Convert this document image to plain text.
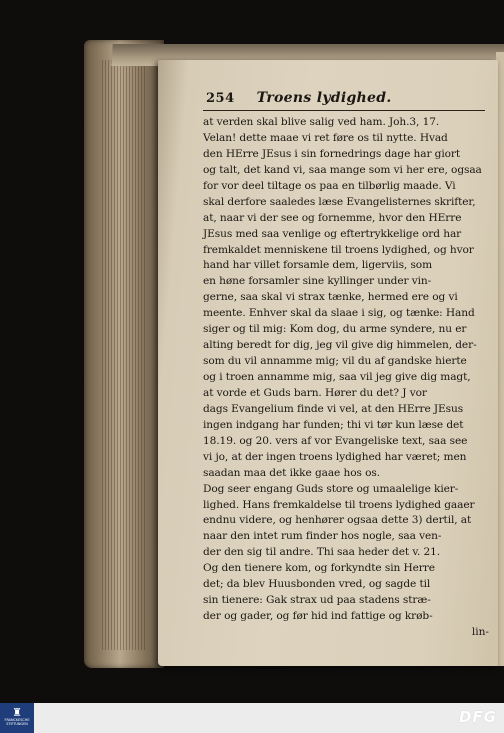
254 Troens lydighed.
at verden skal blive salig ved ham. Joh.3, 17.
Velan! dette maae vi ret føre os til nytte. Hvad
den HErre JEsus i sin fornedrings dage har giort
og talt, det kand vi, saa mange som vi her ere, ogsaa
for vor deel tiltage os paa en tilbørlig maade. Vi
skal derfore saaledes læse Evangelisternes skrifter,
at, naar vi der see og fornemme, hvor den HErre
JEsus med saa venlige og eftertrykkelige ord har
fremkaldet menniskene til troens lydighed, og hvor
hand har villet forsamle dem, ligerviis, som
en høne forsamler sine kyllinger under vin-
gerne, saa skal vi strax tænke, hermed ere og vi
meente. Enhver skal da slaae i sig, og tænke: Hand
siger og til mig: Kom dog, du arme syndere, nu er
alting beredt for dig, jeg vil give dig himmelen, der-
som du vil annamme mig; vil du af gandske hierte
og i troen annamme mig, saa vil jeg give dig magt,
at vorde et Guds barn. Hører du det? J vor
dags Evangelium finde vi vel, at den HErre JEsus
ingen indgang har funden; thi vi tør kun læse det
18.19. og 20. vers af vor Evangeliske text, saa see
vi jo, at der ingen troens lydighed har været; men
saadan maa det ikke gaae hos os.
Dog seer engang Guds store og umaalelige kier-
lighed. Hans fremkaldelse til troens lydighed gaaer
endnu videre, og henhører ogsaa dette 3) dertil, at
naar den intet rum finder hos nogle, saa ven-
der den sig til andre. Thi saa heder det v. 21.
Og den tienere kom, og forkyndte sin Herre
det; da blev Huusbonden vred, og sagde til
sin tienere: Gak strax ud paa stadens stræ-
der og gader, og før hid ind fattige og krøb-
lin-
♜
FRANCKESCHE STIFTUNGEN	DFG
